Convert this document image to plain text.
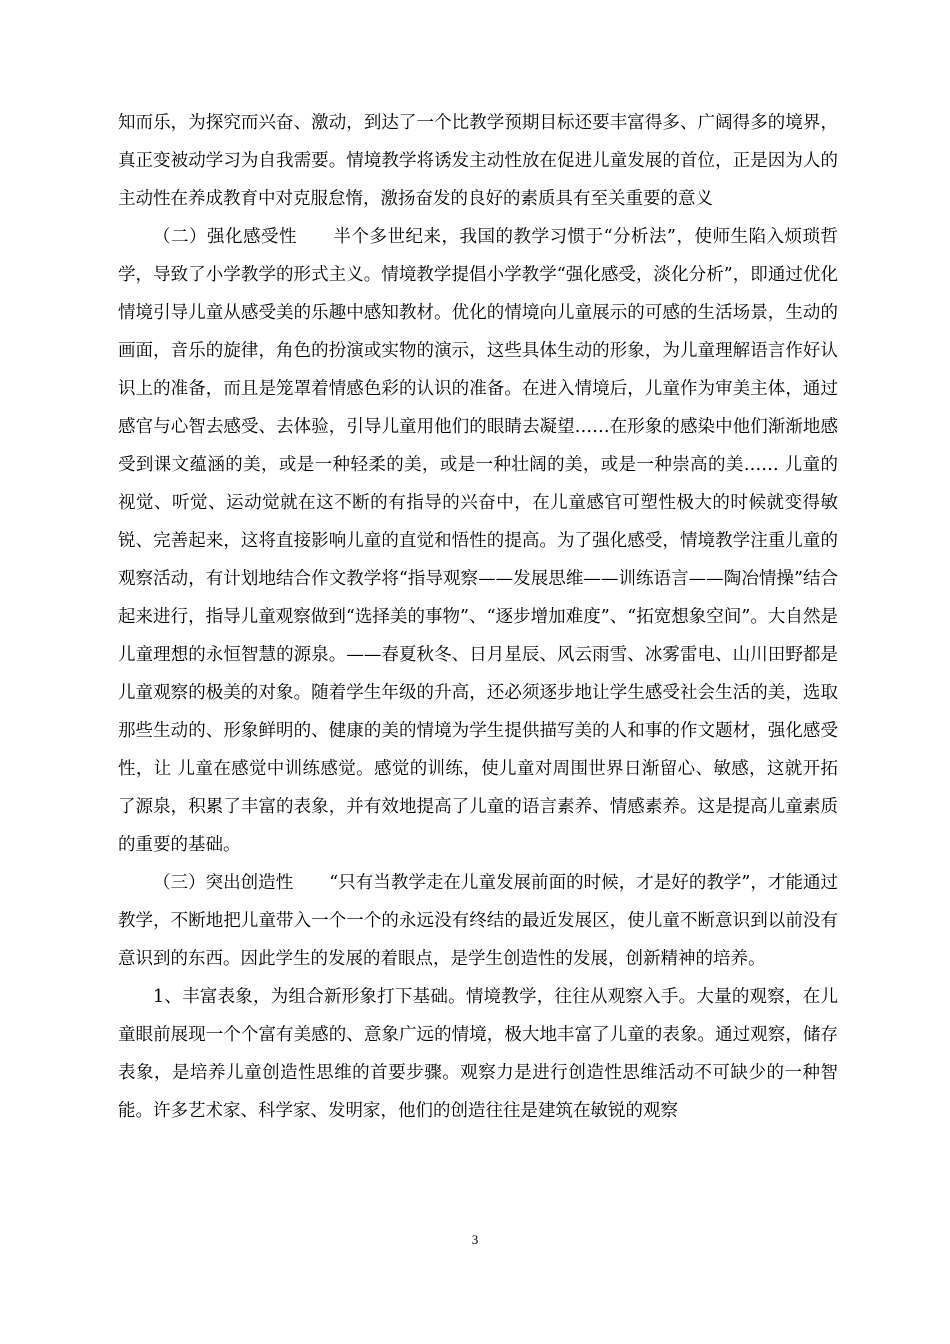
知而乐，为探究而兴奋、激动，到达了一个比教学预期目标还要丰富得多、广阔得多的境界，真正变被动学习为自我需要。情境教学将诱发主动性放在促进儿童发展的首位，正是因为人的主动性在养成教育中对克服怠惰，激扬奋发的良好的素质具有至关重要的意义

（二）强化感受性 半个多世纪来，我国的教学习惯于“分析法”，使师生陷入烦琐哲学，导致了小学教学的形式主义。情境教学提倡小学教学“强化感受，淡化分析”，即通过优化情境引导儿童从感受美的乐趣中感知教材。优化的情境向儿童展示的可感的生活场景，生动的画面，音乐的旋律，角色的扮演或实物的演示，这些具体生动的形象，为儿童理解语言作好认识上的准备，而且是笼罩着情感色彩的认识的准备。在进入情境后，儿童作为审美主体，通过感官与心智去感受、去体验，引导儿童用他们的眼睛去凝望……在形象的感染中他们渐渐地感受到课文蕴涵的美，或是一种轻柔的美，或是一种壮阔的美，或是一种崇高的美…… 儿童的视觉、听觉、运动觉就在这不断的有指导的兴奋中，在儿童感官可塑性极大的时候就变得敏锐、完善起来，这将直接影响儿童的直觉和悟性的提高。为了强化感受，情境教学注重儿童的观察活动，有计划地结合作文教学将“指导观察——发展思维——训练语言——陶冶情操”结合起来进行，指导儿童观察做到“选择美的事物”、“逐步增加难度”、“拓宽想象空间”。大自然是儿童理想的永恒智慧的源泉。——春夏秋冬、日月星辰、风云雨雪、冰雾雷电、山川田野都是儿童观察的极美的对象。随着学生年级的升高，还必须逐步地让学生感受社会生活的美，选取那些生动的、形象鲜明的、健康的美的情境为学生提供描写美的人和事的作文题材，强化感受性，让 儿童在感觉中训练感觉。感觉的训练，使儿童对周围世界日渐留心、敏感，这就开拓了源泉，积累了丰富的表象，并有效地提高了儿童的语言素养、情感素养。这是提高儿童素质的重要的基础。

（三）突出创造性 “只有当教学走在儿童发展前面的时候，才是好的教学”，才能通过教学，不断地把儿童带入一个一个的永远没有终结的最近发展区，使儿童不断意识到以前没有意识到的东西。因此学生的发展的着眼点，是学生创造性的发展，创新精神的培养。

1、丰富表象，为组合新形象打下基础。情境教学，往往从观察入手。大量的观察，在儿童眼前展现一个个富有美感的、意象广远的情境，极大地丰富了儿童的表象。通过观察，储存表象，是培养儿童创造性思维的首要步骤。观察力是进行创造性思维活动不可缺少的一种智能。许多艺术家、科学家、发明家，他们的创造往往是建筑在敏锐的观察

3
